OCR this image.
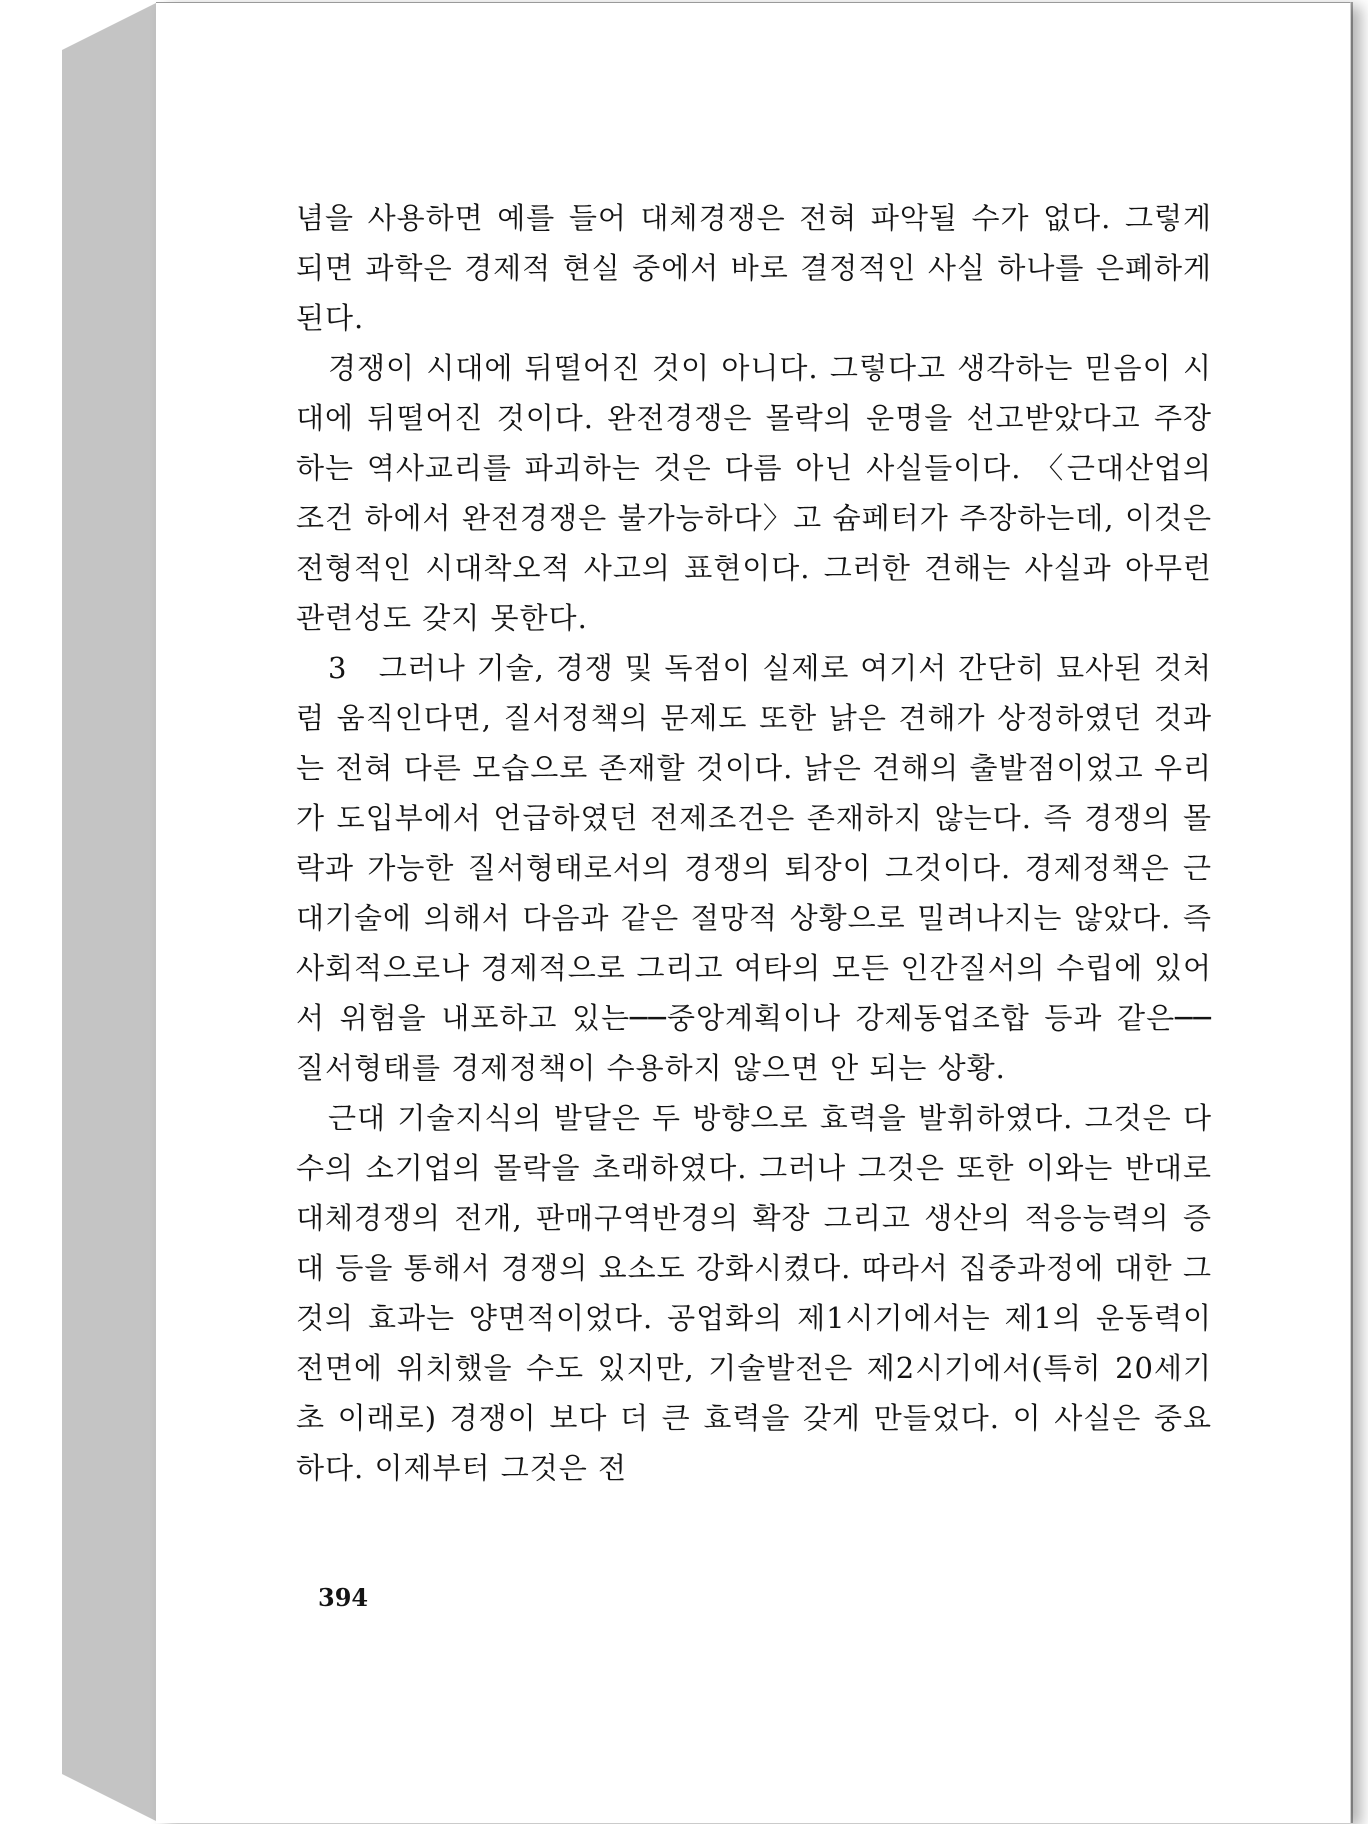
념을 사용하면 예를 들어 대체경쟁은 전혀 파악될 수가 없다. 그렇게 되면 과학은 경제적 현실 중에서 바로 결정적인 사실 하나를 은폐하게 된다.

경쟁이 시대에 뒤떨어진 것이 아니다. 그렇다고 생각하는 믿음이 시대에 뒤떨어진 것이다. 완전경쟁은 몰락의 운명을 선고받았다고 주장하는 역사교리를 파괴하는 것은 다름 아닌 사실들이다. 〈근대산업의 조건 하에서 완전경쟁은 불가능하다〉고 슘페터가 주장하는데, 이것은 전형적인 시대착오적 사고의 표현이다. 그러한 견해는 사실과 아무런 관련성도 갖지 못한다.

3　그러나 기술, 경쟁 및 독점이 실제로 여기서 간단히 묘사된 것처럼 움직인다면, 질서정책의 문제도 또한 낡은 견해가 상정하였던 것과는 전혀 다른 모습으로 존재할 것이다. 낡은 견해의 출발점이었고 우리가 도입부에서 언급하였던 전제조건은 존재하지 않는다. 즉 경쟁의 몰락과 가능한 질서형태로서의 경쟁의 퇴장이 그것이다. 경제정책은 근대기술에 의해서 다음과 같은 절망적 상황으로 밀려나지는 않았다. 즉 사회적으로나 경제적으로 그리고 여타의 모든 인간질서의 수립에 있어서 위험을 내포하고 있는──중앙계획이나 강제동업조합 등과 같은──질서형태를 경제정책이 수용하지 않으면 안 되는 상황.

근대 기술지식의 발달은 두 방향으로 효력을 발휘하였다. 그것은 다수의 소기업의 몰락을 초래하였다. 그러나 그것은 또한 이와는 반대로 대체경쟁의 전개, 판매구역반경의 확장 그리고 생산의 적응능력의 증대 등을 통해서 경쟁의 요소도 강화시켰다. 따라서 집중과정에 대한 그것의 효과는 양면적이었다. 공업화의 제1시기에서는 제1의 운동력이 전면에 위치했을 수도 있지만, 기술발전은 제2시기에서(특히 20세기 초 이래로) 경쟁이 보다 더 큰 효력을 갖게 만들었다. 이 사실은 중요하다. 이제부터 그것은 전

394
